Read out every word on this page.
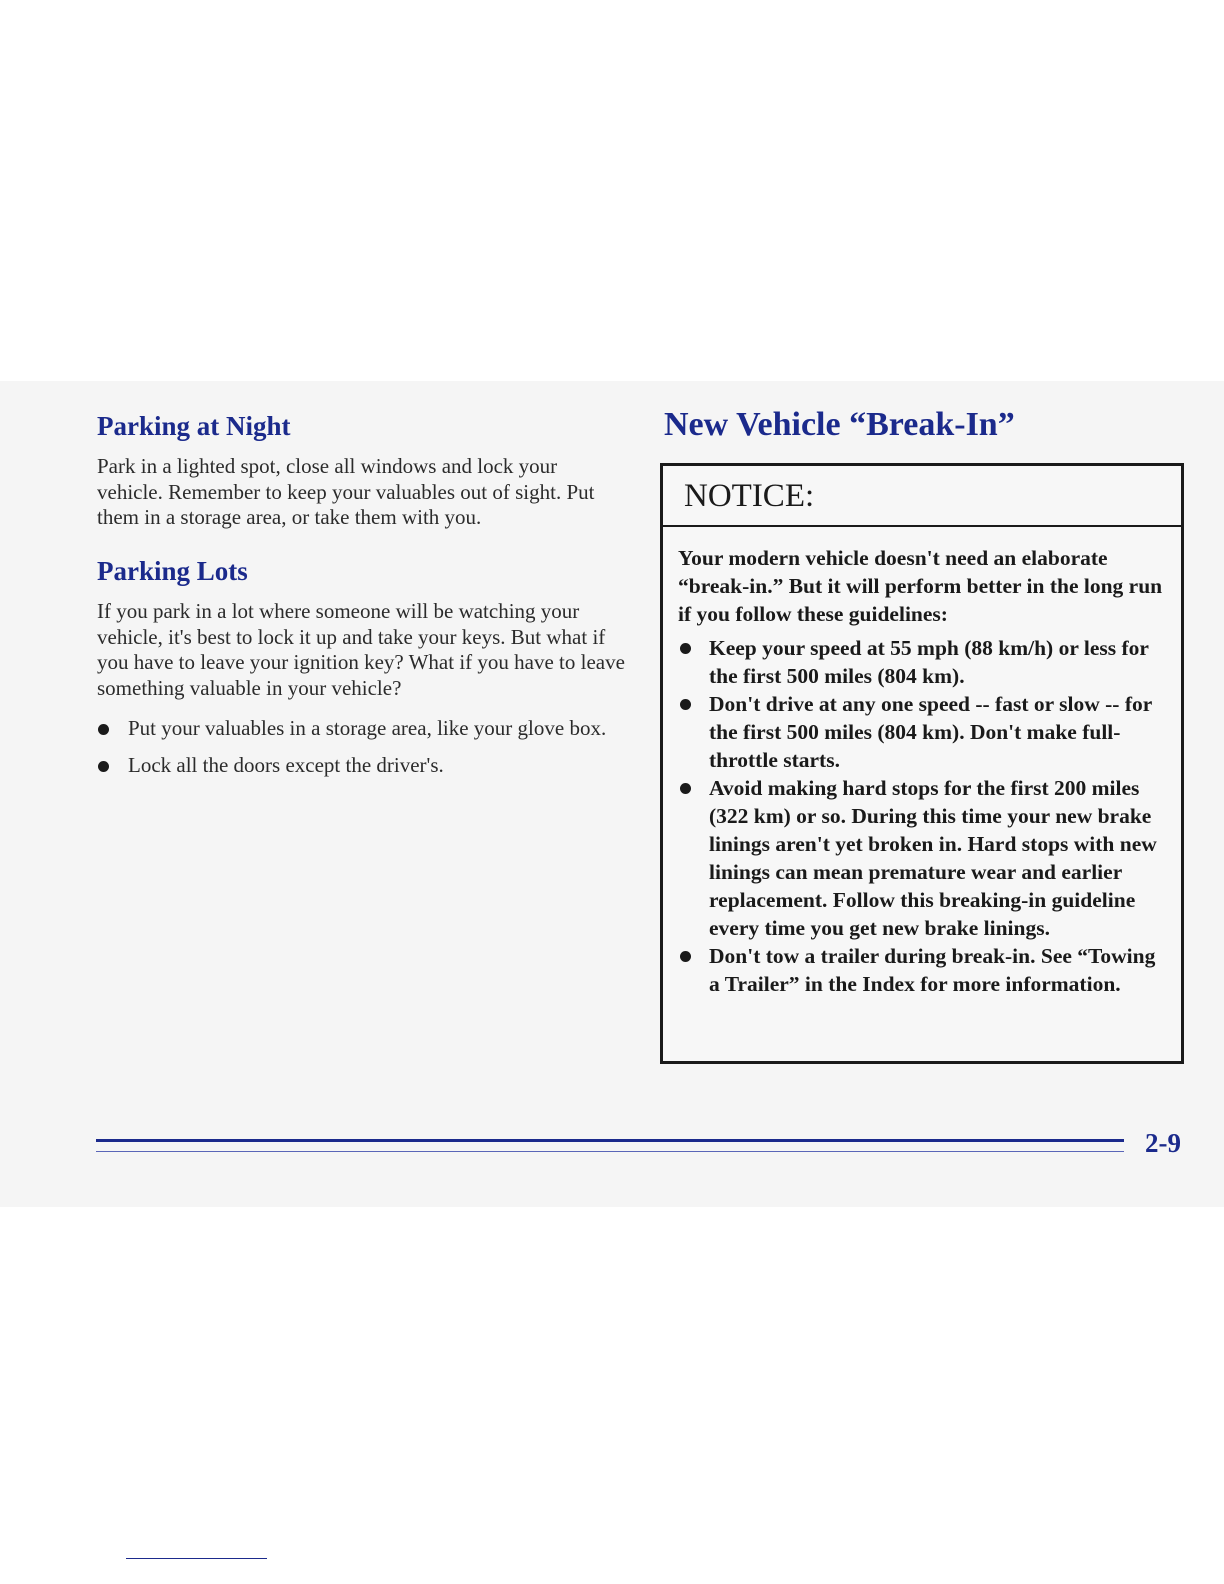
Parking at Night

Park in a lighted spot, close all windows and lock your vehicle. Remember to keep your valuables out of sight. Put them in a storage area, or take them with you.

Parking Lots

If you park in a lot where someone will be watching your vehicle, it's best to lock it up and take your keys. But what if you have to leave your ignition key? What if you have to leave something valuable in your vehicle?

Put your valuables in a storage area, like your glove box.
Lock all the doors except the driver's.
New Vehicle “Break-In”
NOTICE:

Your modern vehicle doesn't need an elaborate “break-in.” But it will perform better in the long run if you follow these guidelines:

Keep your speed at 55 mph (88 km/h) or less for the first 500 miles (804 km).
Don't drive at any one speed -- fast or slow -- for the first 500 miles (804 km). Don't make full-throttle starts.
Avoid making hard stops for the first 200 miles (322 km) or so. During this time your new brake linings aren't yet broken in. Hard stops with new linings can mean premature wear and earlier replacement. Follow this breaking-in guideline every time you get new brake linings.
Don't tow a trailer during break-in. See “Towing a Trailer” in the Index for more information.
2-9
